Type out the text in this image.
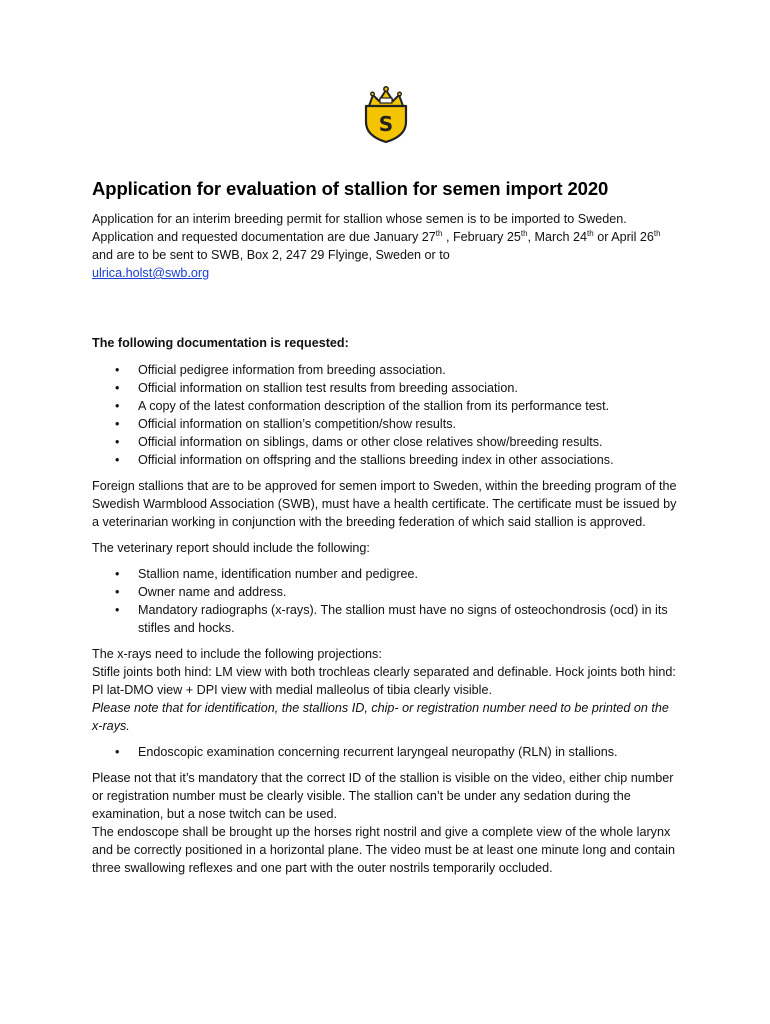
S
Application for evaluation of stallion for semen import 2020

Application for an interim breeding permit for stallion whose semen is to be imported to Sweden. Application and requested documentation are due January 27th , February 25th, March 24th or April 26th and are to be sent to SWB, Box 2, 247 29 Flyinge, Sweden or to
ulrica.holst@swb.org

The following documentation is requested:

• Official pedigree information from breeding association.
• Official information on stallion test results from breeding association.
• A copy of the latest conformation description of the stallion from its performance test.
• Official information on stallion’s competition/show results.
• Official information on siblings, dams or other close relatives show/breeding results.
• Official information on offspring and the stallions breeding index in other associations.

Foreign stallions that are to be approved for semen import to Sweden, within the breeding program of the Swedish Warmblood Association (SWB), must have a health certificate. The certificate must be issued by a veterinarian working in conjunction with the breeding federation of which said stallion is approved.

The veterinary report should include the following:

• Stallion name, identification number and pedigree.
• Owner name and address.
• Mandatory radiographs (x-rays). The stallion must have no signs of osteochondrosis (ocd) in its stifles and hocks.

The x-rays need to include the following projections:

Stifle joints both hind: LM view with both trochleas clearly separated and definable. Hock joints both hind: Pl lat-DMO view + DPI view with medial malleolus of tibia clearly visible.

Please note that for identification, the stallions ID, chip- or registration number need to be printed on the x-rays.

• Endoscopic examination concerning recurrent laryngeal neuropathy (RLN) in stallions.

Please not that it’s mandatory that the correct ID of the stallion is visible on the video, either chip number or registration number must be clearly visible. The stallion can’t be under any sedation during the examination, but a nose twitch can be used.

The endoscope shall be brought up the horses right nostril and give a complete view of the whole larynx and be correctly positioned in a horizontal plane. The video must be at least one minute long and contain three swallowing reflexes and one part with the outer nostrils temporarily occluded.
